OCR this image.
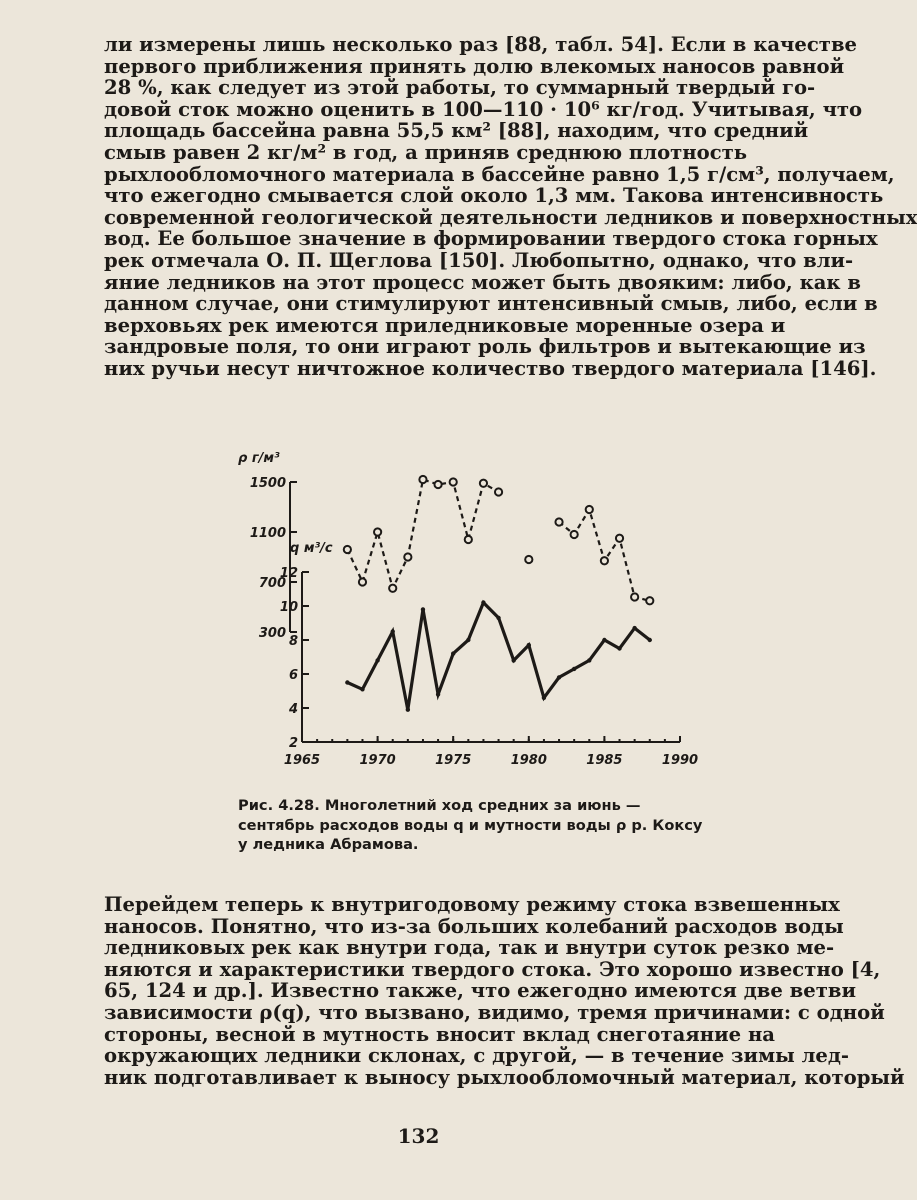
ли измерены лишь несколько раз [88, табл. 54]. Если в качестве
первого приближения принять долю влекомых наносов равной
28 %, как следует из этой работы, то суммарный твердый го-
довой сток можно оценить в 100—110 · 10⁶ кг/год. Учитывая, что
площадь бассейна равна 55,5 км² [88], находим, что средний
смыв равен 2 кг/м² в год, а приняв среднюю плотность
рыхлообломочного материала в бассейне равно 1,5 г/см³, получаем,
что ежегодно смывается слой около 1,3 мм. Такова интенсивность
современной геологической деятельности ледников и поверхностных
вод. Ее большое значение в формировании твердого стока горных
рек отмечала О. П. Щеглова [150]. Любопытно, однако, что вли-
яние ледников на этот процесс может быть двояким: либо, как в
данном случае, они стимулируют интенсивный смыв, либо, если в
верховьях рек имеются приледниковые моренные озера и
зандровые поля, то они играют роль фильтров и вытекающие из
них ручьи несут ничтожное количество твердого материала [146].
1500
1100
700
300
ρ г/м³
12
10
8
6
4
2
q м³/с
1965	1970	1975	1980	1985	1990
Рис. 4.28. Многолетний ход средних за июнь —
сентябрь расходов воды q и мутности воды ρ р. Коксу
у ледника Абрамова.
Перейдем теперь к внутригодовому режиму стока взвешенных
наносов. Понятно, что из-за больших колебаний расходов воды
ледниковых рек как внутри года, так и внутри суток резко ме-
няются и характеристики твердого стока. Это хорошо известно [4,
65, 124 и др.]. Известно также, что ежегодно имеются две ветви
зависимости ρ(q), что вызвано, видимо, тремя причинами: с одной
стороны, весной в мутность вносит вклад снеготаяние на
окружающих ледники склонах, с другой, — в течение зимы лед-
ник подготавливает к выносу рыхлообломочный материал, который
132
